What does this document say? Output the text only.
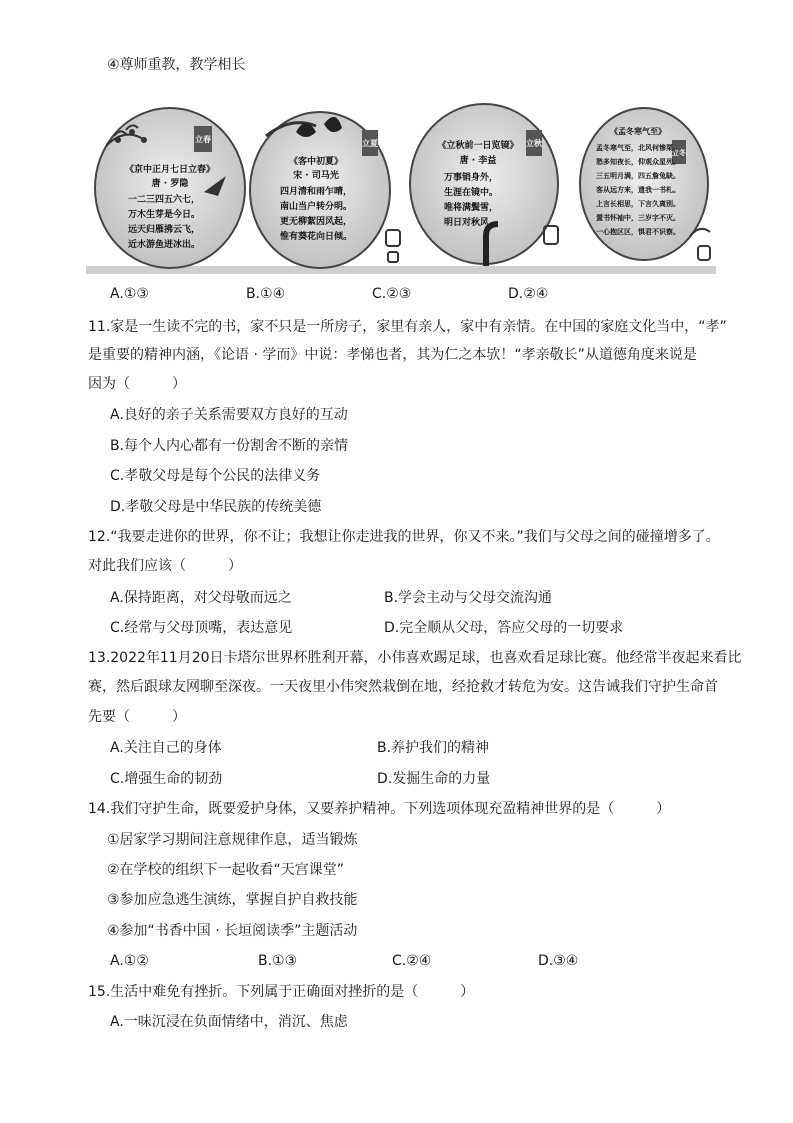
④尊师重教，教学相长
立春
《京中正月七日立春》
唐 · 罗隐
一二三四五六七，
万木生芽是今日。
远天归雁拂云飞，
近水游鱼迸冰出。
立夏
《客中初夏》
宋 · 司马光
四月清和雨乍晴，
南山当户转分明。
更无柳絮因风起，
惟有葵花向日倾。
立秋
《立秋前一日览镜》
唐 · 李益
万事销身外，
生涯在镜中。
唯将满鬓雪，
明日对秋风。
立冬
《孟冬寒气至》
孟冬寒气至，北风何惨栗。
愁多知夜长，仰观众星列。
三五明月满，四五詹兔缺。
客从远方来，遗我一书札。
上言长相思，下言久离别。
置书怀袖中，三岁字不灭。
一心抱区区，惧君不识察。
A.①③	B.①④	C.②③	D.②④
11.家是一生读不完的书，家不只是一所房子，家里有亲人，家中有亲情。在中国的家庭文化当中，“孝”
是重要的精神内涵，《论语 · 学而》中说：孝悌也者，其为仁之本欤！“孝亲敬长”从道德角度来说是
因为（　　　）
A.良好的亲子关系需要双方良好的互动
B.每个人内心都有一份割舍不断的亲情
C.孝敬父母是每个公民的法律义务
D.孝敬父母是中华民族的传统美德
12.“我要走进你的世界，你不让；我想让你走进我的世界，你又不来。”我们与父母之间的碰撞增多了。
对此我们应该（　　　）
A.保持距离，对父母敬而远之	B.学会主动与父母交流沟通
C.经常与父母顶嘴，表达意见	D.完全顺从父母，答应父母的一切要求
13.2022年11月20日卡塔尔世界杯胜利开幕，小伟喜欢踢足球，也喜欢看足球比赛。他经常半夜起来看比
赛，然后跟球友网聊至深夜。一天夜里小伟突然栽倒在地，经抢救才转危为安。这告诫我们守护生命首
先要（　　　）
A.关注自己的身体	B.养护我们的精神
C.增强生命的韧劲	D.发掘生命的力量
14.我们守护生命，既要爱护身体，又要养护精神。下列选项体现充盈精神世界的是（　　　）
①居家学习期间注意规律作息，适当锻炼
②在学校的组织下一起收看“天宫课堂”
③参加应急逃生演练，掌握自护自救技能
④参加“书香中国 · 长垣阅读季”主题活动
A.①②	B.①③	C.②④	D.③④
15.生活中难免有挫折。下列属于正确面对挫折的是（　　　）
A.一味沉浸在负面情绪中，消沉、焦虑
